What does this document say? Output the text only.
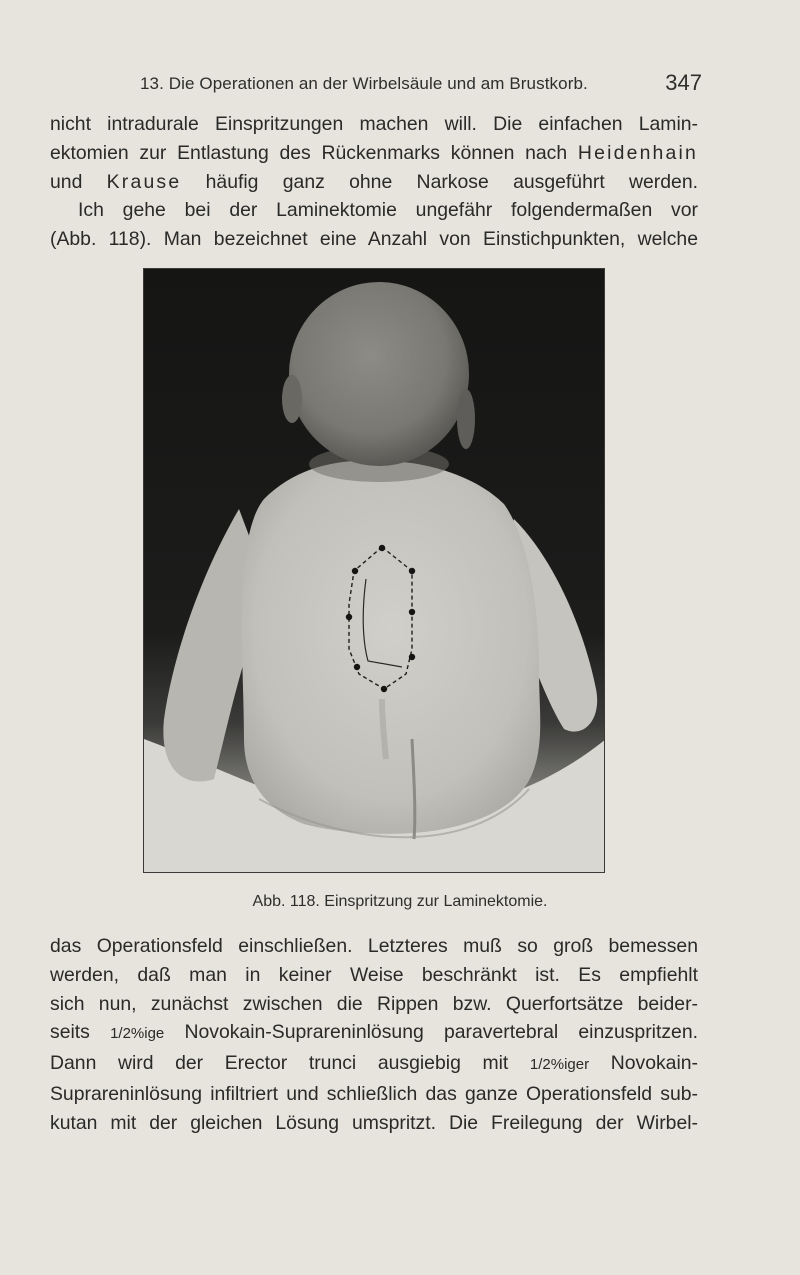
13. Die Operationen an der Wirbelsäule und am Brustkorb.	347
nicht intradurale Einspritzungen machen will. Die einfachen Lamin-
ektomien zur Entlastung des Rückenmarks können nach Heidenhain
und Krause häufig ganz ohne Narkose ausgeführt werden.
Ich gehe bei der Laminektomie ungefähr folgendermaßen vor
(Abb. 118). Man bezeichnet eine Anzahl von Einstichpunkten, welche
Abb. 118. Einspritzung zur Laminektomie.
das Operationsfeld einschließen. Letzteres muß so groß bemessen
werden, daß man in keiner Weise beschränkt ist. Es empfiehlt
sich nun, zunächst zwischen die Rippen bzw. Querfortsätze beider-
seits 1/2%ige Novokain-Suprareninlösung paravertebral einzuspritzen.
Dann wird der Erector trunci ausgiebig mit 1/2%iger Novokain-
Suprareninlösung infiltriert und schließlich das ganze Operationsfeld sub-
kutan mit der gleichen Lösung umspritzt. Die Freilegung der Wirbel-
